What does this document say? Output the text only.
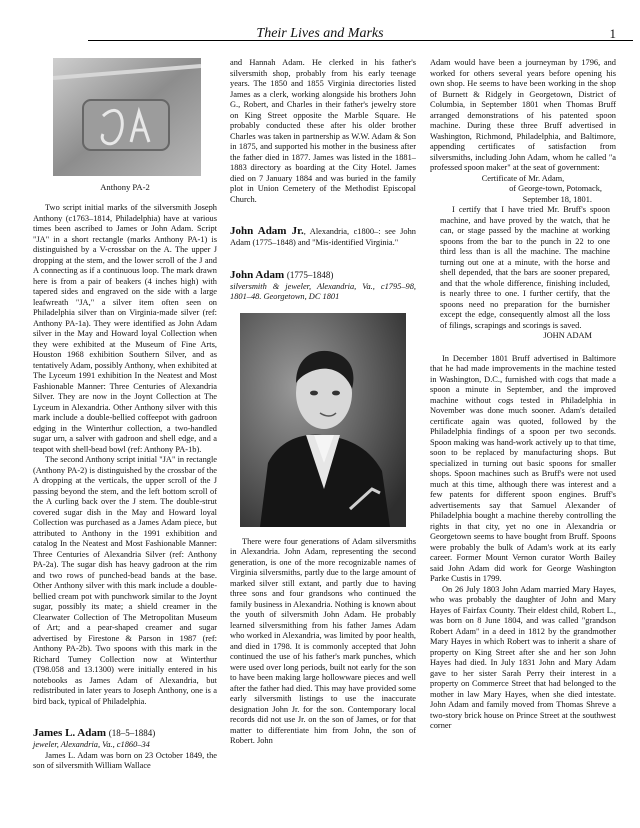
Their Lives and Marks	1
Anthony PA-2

Two script initial marks of the silversmith Joseph Anthony (c1763–1814, Philadelphia) have at various times been ascribed to James or John Adam. Script "JA" in a short rectangle (marks Anthony PA-1) is distinguished by a V-crossbar on the A. The upper J dropping at the stem, and the lower scroll of the J and A connecting as if a continuous loop. The mark drawn here is from a pair of beakers (4 inches high) with tapered sides and engraved on the side with a large leafwreath "JA," a silver item often seen on Philadelphia silver than on Virginia-made silver (ref: Anthony PA-1a). They were identified as John Adam silver in the May and Howard loyal Collection when they were exhibited at the Museum of Fine Arts, Houston 1968 exhibition Southern Silver, and as tentatively Adam, possibly Anthony, when exhibited at The Lyceum 1991 exhibition In the Neatest and Most Fashionable Manner: Three Centuries of Alexandria Silver. They are now in the Joynt Collection at The Lyceum in Alexandria. Other Anthony silver with this mark include a double-bellied coffeepot with gadroon edging in the Winterthur collection, a two-handled sugar urn, a salver with gadroon and shell edge, and a teapot with shell-bead bowl (ref: Anthony PA-1b).

The second Anthony script initial "JA" in rectangle (Anthony PA-2) is distinguished by the crossbar of the A dropping at the verticals, the upper scroll of the J passing beyond the stem, and the left bottom scroll of the A curling back over the J stem. The double-strut covered sugar dish in the May and Howard loyal Collection was purchased as a James Adam piece, but attributed to Anthony in the 1991 exhibition and catalog In the Neatest and Most Fashionable Manner: Three Centuries of Alexandria Silver (ref: Anthony PA-2a). The sugar dish has heavy gadroon at the rim and two rows of punched-bead bands at the base. Other Anthony silver with this mark include a double-bellied cream pot with punchwork similar to the Joynt sugar, possibly its mate; a shield creamer in the Clearwater Collection of The Metropolitan Museum of Art; and a pear-shaped creamer and sugar advertised by Firestone & Parson in 1987 (ref: Anthony PA-2b). Two spoons with this mark in the Richard Tumey Collection now at Winterthur (T98.058 and 13.1300) were initially entered in his notebooks as James Adam of Alexandria, but redistributed in later years to Joseph Anthony, one is a bird back, typical of Philadelphia.

James L. Adam (18–5–1884)

jeweler, Alexandria, Va., c1860–34

James L. Adam was born on 23 October 1849, the son of silversmith William Wallace

and Hannah Adam. He clerked in his father's silversmith shop, probably from his early teenage years. The 1850 and 1855 Virginia directories listed James as a clerk, working alongside his brothers John G., Robert, and Charles in their father's jewelry store on King Street opposite the Marble Square. He probably conducted these after his older brother Charles was taken in partnership as W.W. Adam & Son in 1875, and supported his mother in the business after the father died in 1877. James was listed in the 1881–1883 directory as boarding at the City Hotel. James died on 7 January 1884 and was buried in the family plot in Union Cemetery of the Methodist Episcopal Church.

John Adam Jr., Alexandria, c1800–: see John Adam (1775–1848) and "Mis-identified Virginia."

John Adam (1775–1848)

silversmith & jeweler, Alexandria, Va., c1795–98, 1801–48. Georgetown, DC 1801

There were four generations of Adam silversmiths in Alexandria. John Adam, representing the second generation, is one of the more recognizable names of Virginia silversmiths, partly due to the large amount of marked silver still extant, and partly due to having three sons and four grandsons who continued the family business in Alexandria. Nothing is known about the youth of silversmith John Adam. He probably learned silversmithing from his father James Adam who worked in Alexandria, was limited by poor health, and died in 1798. It is commonly accepted that John continued the use of his father's mark punches, which were used over long periods, built not early for the son to have been making large hollowware pieces and well after the father had died. This may have provided some early silversmith listings to use the inaccurate designation John Jr. for the son. Contemporary local records did not use Jr. on the son of James, or for that matter to differentiate him from John, the son of Robert. John

Adam would have been a journeyman by 1796, and worked for others several years before opening his own shop. He seems to have been working in the shop of Burnett & Ridgely in Georgetown, District of Columbia, in September 1801 when Thomas Bruff arranged demonstrations of his patented spoon machine. During these three Bruff advertised in Washington, Richmond, Philadelphia, and Baltimore, appending certificates of satisfaction from silversmiths, including John Adam, whom he called "a professed spoon maker" at the seat of government:

Certificate of Mr. Adam,

of George-town, Potomack,

September 18, 1801.

I certify that I have tried Mr. Bruff's spoon machine, and have proved by the watch, that he can, or stage passed by the machine at working spoons from the bar to the punch in 22 to one third less than is all the machine. The machine turning out one at a minute, with the horse and shell depended, that the bars are sooner prepared, and that the whole difference, finishing included, is nearly three to one. I further certify, that the spoons need no preparation for the burnisher except the edge, consequently almost all the loss of filings, scrapings and scorings is saved.

JOHN ADAM

In December 1801 Bruff advertised in Baltimore that he had made improvements in the machine tested in Washington, D.C., furnished with cogs that made a spoon a minute in September, and the improved machine without cogs tested in Philadelphia in November was done much sooner. Adam's detailed certificate again was quoted, followed by the Philadelphia findings of a spoon per two seconds. Spoon making was hand-work actively up to that time, soon to be replaced by manufacturing shops. But specialized in turning out basic spoons for smaller shops. Spoon machines such as Bruff's were not used much at this time, although there was interest and a few patents for different spoon engines. Bruff's advertisements say that Samuel Alexander of Philadelphia bought a machine thereby controlling the rights in that city, yet no one in Alexandria or Georgetown seems to have bought from Bruff. Spoons were probably the bulk of Adam's work at its early career. Former Mount Vernon curator Worth Bailey said John Adam did work for George Washington Parke Custis in 1799.

On 26 July 1803 John Adam married Mary Hayes, who was probably the daughter of John and Mary Hayes of Fairfax County. Their eldest child, Robert L., was born on 8 June 1804, and was called "grandson Robert Adam" in a deed in 1812 by the grandmother Mary Hayes in which Robert was to inherit a share of property on King Street after she and her son John Hayes had died. In July 1831 John and Mary Adam gave to her sister Sarah Perry their interest in a property on Commerce Street that had belonged to the mother in law Mary Hayes, when she died intestate. John Adam and family moved from Thomas Shreve a two-story brick house on Prince Street at the southwest corner
